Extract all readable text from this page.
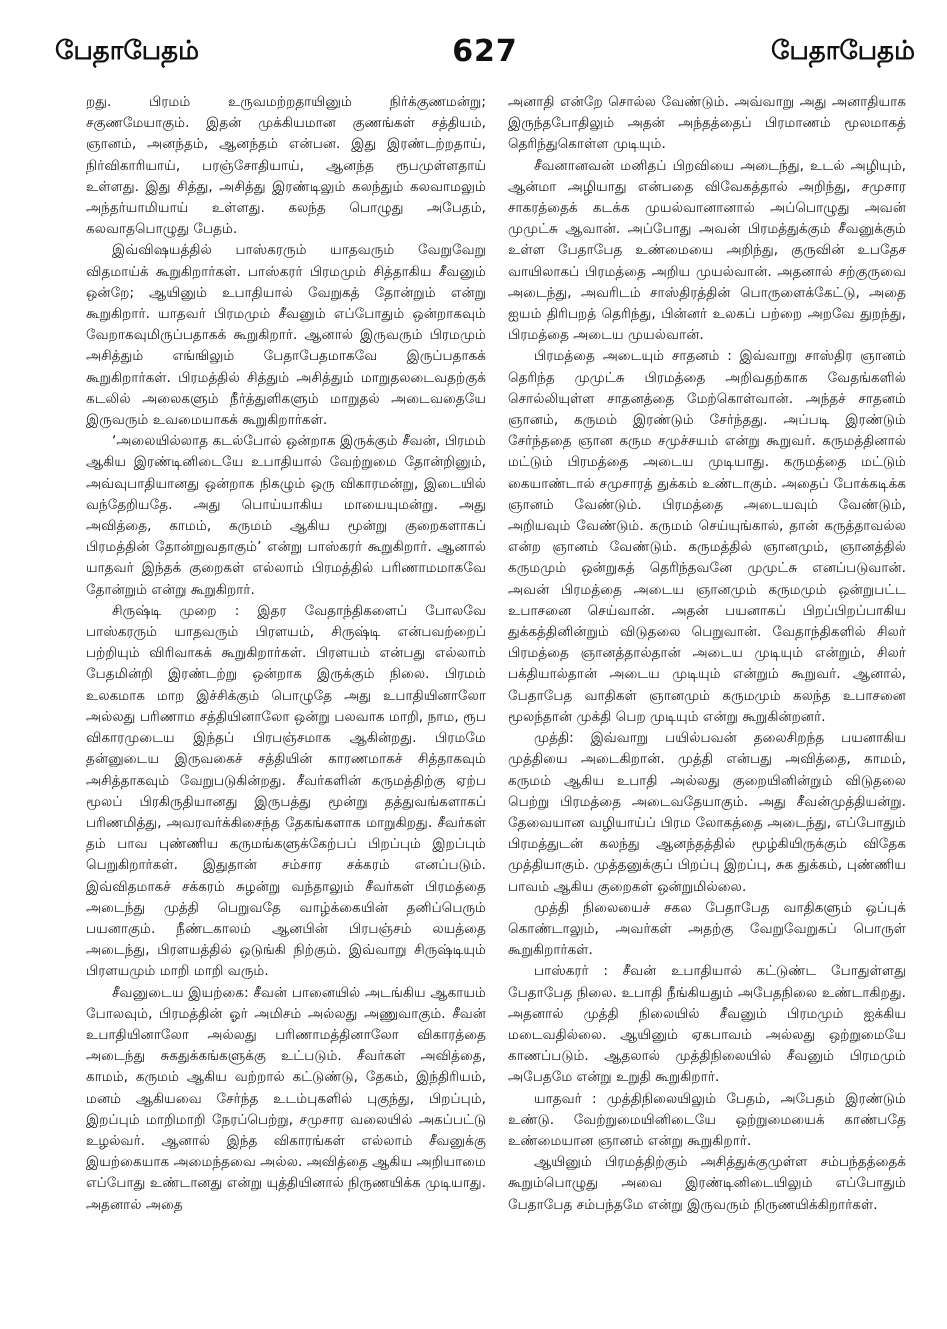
பேதாபேதம்	627	பேதாபேதம்

றது. பிரமம் உருவமற்றதாயினும் நிர்க்குணமன்று; சகுணமேயாகும். இதன் முக்கியமான குணங்கள் சத்தியம், ஞானம், அனந்தம், ஆனந்தம் என்பன. இது இரண்டற்றதாய், நிர்விகாரியாய், பரஞ்சோதியாய், ஆனந்த ரூபமுள்ளதாய் உள்ளது. இது சித்து, அசித்து இரண்டிலும் கலந்தும் கலவாமலும் அந்தர்யாமியாய் உள்ளது. கலந்த பொழுது அபேதம், கலவாதபொழுது பேதம்.

இவ்விஷயத்தில் பாஸ்கரரும் யாதவரும் வேறுவேறு விதமாய்க் கூறுகிறார்கள். பாஸ்கரர் பிரமமும் சித்தாகிய சீவனும் ஒன்றே; ஆயினும் உபாதியால் வேறுகத் தோன்றும் என்று கூறுகிறார். யாதவர் பிரமமும் சீவனும் எப்போதும் ஒன்றாகவும் வேறாகவுமிருப்பதாகக் கூறுகிறார். ஆனால் இருவரும் பிரமமும் அசித்தும் எங்ஙிலும் பேதாபேதமாகவே இருப்பதாகக் கூறுகிறார்கள். பிரமத்தில் சித்தும் அசித்தும் மாறுதலடைவதற்குக் கடலில் அலைகளும் நீர்த்துளிகளும் மாறுதல் அடைவதையே இருவரும் உவமையாகக் கூறுகிறார்கள்.

‘அலையில்லாத கடல்போல் ஒன்றாக இருக்கும் சீவன், பிரமம் ஆகிய இரண்டினிடையே உபாதியால் வேற்றுமை தோன்றினும், அவ்வுபாதியானது ஒன்றாக நிகழும் ஒரு விகாரமன்று, இடையில் வந்தேறியதே. அது பொய்யாகிய மாயையுமன்று. அது அவித்தை, காமம், கருமம் ஆகிய மூன்று குறைகளாகப் பிரமத்தின் தோன்றுவதாகும்’ என்று பாஸ்கரர் கூறுகிறார். ஆனால் யாதவர் இந்தக் குறைகள் எல்லாம் பிரமத்தில் பரிணாமமாகவே தோன்றும் என்று கூறுகிறார்.

சிருஷ்டி முறை : இதர வேதாந்திகளைப் போலவே பாஸ்கரரும் யாதவரும் பிரளயம், சிருஷ்டி என்பவற்றைப் பற்றியும் விரிவாகக் கூறுகிறார்கள். பிரளயம் என்பது எல்லாம் பேதமின்றி இரண்டற்று ஒன்றாக இருக்கும் நிலை. பிரமம் உலகமாக மாற இச்சிக்கும் பொழுதே அது உபாதியினாலோ அல்லது பரிணாம சத்தியினாலோ ஒன்று பலவாக மாறி, நாம, ரூப விகாரமுடைய இந்தப் பிரபஞ்சமாக ஆகின்றது. பிரமமே தன்னுடைய இருவகைச் சத்தியின் காரணமாகச் சித்தாகவும் அசித்தாகவும் வேறுபடுகின்றது. சீவர்களின் கருமத்திற்கு ஏற்ப மூலப் பிரகிருதியானது இருபத்து மூன்று தத்துவங்களாகப் பரிணமித்து, அவரவர்க்கிசைந்த தேகங்களாக மாறுகிறது. சீவர்கள் தம் பாவ புண்ணிய கருமங்களுக்கேற்பப் பிறப்பும் இறப்பும் பெறுகிறார்கள். இதுதான் சம்சார சக்கரம் எனப்படும். இவ்விதமாகச் சக்கரம் சுழன்று வந்தாலும் சீவர்கள் பிரமத்தை அடைந்து முத்தி பெறுவதே வாழ்க்கையின் தனிப்பெரும் பயனாகும். நீண்டகாலம் ஆனபின் பிரபஞ்சம் லயத்தை அடைந்து, பிரளயத்தில் ஒடுங்கி நிற்கும். இவ்வாறு சிருஷ்டியும் பிரளயமும் மாறி மாறி வரும்.

சீவனுடைய இயற்கை: சீவன் பானையில் அடங்கிய ஆகாயம் போலவும், பிரமத்தின் ஓர் அமிசம் அல்லது அணுவாகும். சீவன் உபாதியினாலோ அல்லது பரிணாமத்தினாலோ விகாரத்தை அடைந்து சுகதுக்கங்களுக்கு உட்படும். சீவர்கள் அவித்தை, காமம், கருமம் ஆகிய வற்றால் கட்டுண்டு, தேகம், இந்திரியம், மனம் ஆகியவை சேர்ந்த உடம்புகளில் புகுந்து, பிறப்பும், இறப்பும் மாறிமாறி நேரப்பெற்று, சமுசார வலையில் அகப்பட்டு உழல்வர். ஆனால் இந்த விகாரங்கள் எல்லாம் சீவனுக்கு இயற்கையாக அமைந்தவை அல்ல. அவித்தை ஆகிய அறியாமை எப்போது உண்டானது என்று யுத்தியினால் நிருணயிக்க முடியாது. அதனால் அதை

அனாதி என்றே சொல்ல வேண்டும். அவ்வாறு அது அனாதியாக இருந்தபோதிலும் அதன் அந்தத்தைப் பிரமாணம் மூலமாகத் தெரிந்துகொள்ள முடியும்.

சீவனானவன் மனிதப் பிறவியை அடைந்து, உடல் அழியும், ஆன்மா அழியாது என்பதை விவேகத்தால் அறிந்து, சமுசார சாகரத்தைக் கடக்க முயல்வானானால் அப்பொழுது அவன் முமுட்சு ஆவான். அப்போது அவன் பிரமத்துக்கும் சீவனுக்கும் உள்ள பேதாபேத உண்மையை அறிந்து, குருவின் உபதேச வாயிலாகப் பிரமத்தை அறிய முயல்வான். அதனால் சற்குருவை அடைந்து, அவரிடம் சாஸ்திரத்தின் பொருளைக்கேட்டு, அதை ஐயம் திரிபறத் தெரிந்து, பின்னர் உலகப் பற்றை அறவே துறந்து, பிரமத்தை அடைய முயல்வான்.

பிரமத்தை அடையும் சாதனம் : இவ்வாறு சாஸ்திர ஞானம் தெரிந்த முமுட்சு பிரமத்தை அறிவதற்காக வேதங்களில் சொல்லியுள்ள சாதனத்தை மேற்கொள்வான். அந்தச் சாதனம் ஞானம், கருமம் இரண்டும் சேர்ந்தது. அப்படி இரண்டும் சேர்ந்ததை ஞான கரும சமுச்சயம் என்று கூறுவர். கருமத்தினால் மட்டும் பிரமத்தை அடைய முடியாது. கருமத்தை மட்டும் கையாண்டால் சமுசாரத் துக்கம் உண்டாகும். அதைப் போக்கடிக்க ஞானம் வேண்டும். பிரமத்தை அடையவும் வேண்டும், அறியவும் வேண்டும். கருமம் செய்யுங்கால், தான் கருத்தாவல்ல என்ற ஞானம் வேண்டும். கருமத்தில் ஞானமும், ஞானத்தில் கருமமும் ஒன்றுகத் தெரிந்தவனே முமுட்சு எனப்படுவான். அவன் பிரமத்தை அடைய ஞானமும் கருமமும் ஒன்றுபட்ட உபாசனை செய்வான். அதன் பயனாகப் பிறப்பிறப்பாகிய துக்கத்தினின்றும் விடுதலை பெறுவான். வேதாந்திகளில் சிலர் பிரமத்தை ஞானத்தால்தான் அடைய முடியும் என்றும், சிலர் பக்தியால்தான் அடைய முடியும் என்றும் கூறுவர். ஆனால், பேதாபேத வாதிகள் ஞானமும் கருமமும் கலந்த உபாசனை மூலந்தான் முக்தி பெற முடியும் என்று கூறுகின்றனர்.

முத்தி: இவ்வாறு பயில்பவன் தலைசிறந்த பயனாகிய முத்தியை அடைகிறான். முத்தி என்பது அவித்தை, காமம், கருமம் ஆகிய உபாதி அல்லது குறையினின்றும் விடுதலை பெற்று பிரமத்தை அடைவதேயாகும். அது சீவன்முத்தியன்று. தேவையான வழியாய்ப் பிரம லோகத்தை அடைந்து, எப்போதும் பிரமத்துடன் கலந்து ஆனந்தத்தில் மூழ்கியிருக்கும் விதேக முத்தியாகும். முத்தனுக்குப் பிறப்பு இறப்பு, சுக துக்கம், புண்ணிய பாவம் ஆகிய குறைகள் ஒன்றுமில்லை.

முத்தி நிலையைச் சகல பேதாபேத வாதிகளும் ஒப்புக் கொண்டாலும், அவர்கள் அதற்கு வேறுவேறுகப் பொருள் கூறுகிறார்கள்.

பாஸ்கரர் : சீவன் உபாதியால் கட்டுண்ட போதுள்ளது பேதாபேத நிலை. உபாதி நீங்கியதும் அபேதநிலை உண்டாகிறது. அதனால் முத்தி நிலையில் சீவனும் பிரமமும் ஐக்கிய மடைவதில்லை. ஆயினும் ஏகபாவம் அல்லது ஒற்றுமையே காணப்படும். ஆதலால் முத்திநிலையில் சீவனும் பிரமமும் அபேதமே என்று உறுதி கூறுகிறார்.

யாதவர் : முத்திநிலையிலும் பேதம், அபேதம் இரண்டும் உண்டு. வேற்றுமையினிடையே ஒற்றுமையைக் காண்பதே உண்மையான ஞானம் என்று கூறுகிறார்.

ஆயினும் பிரமத்திற்கும் அசித்துக்குமுள்ள சம்பந்தத்தைக் கூறும்பொழுது அவை இரண்டினிடையிலும் எப்போதும் பேதாபேத சம்பந்தமே என்று இருவரும் நிருணயிக்கிறார்கள்.
